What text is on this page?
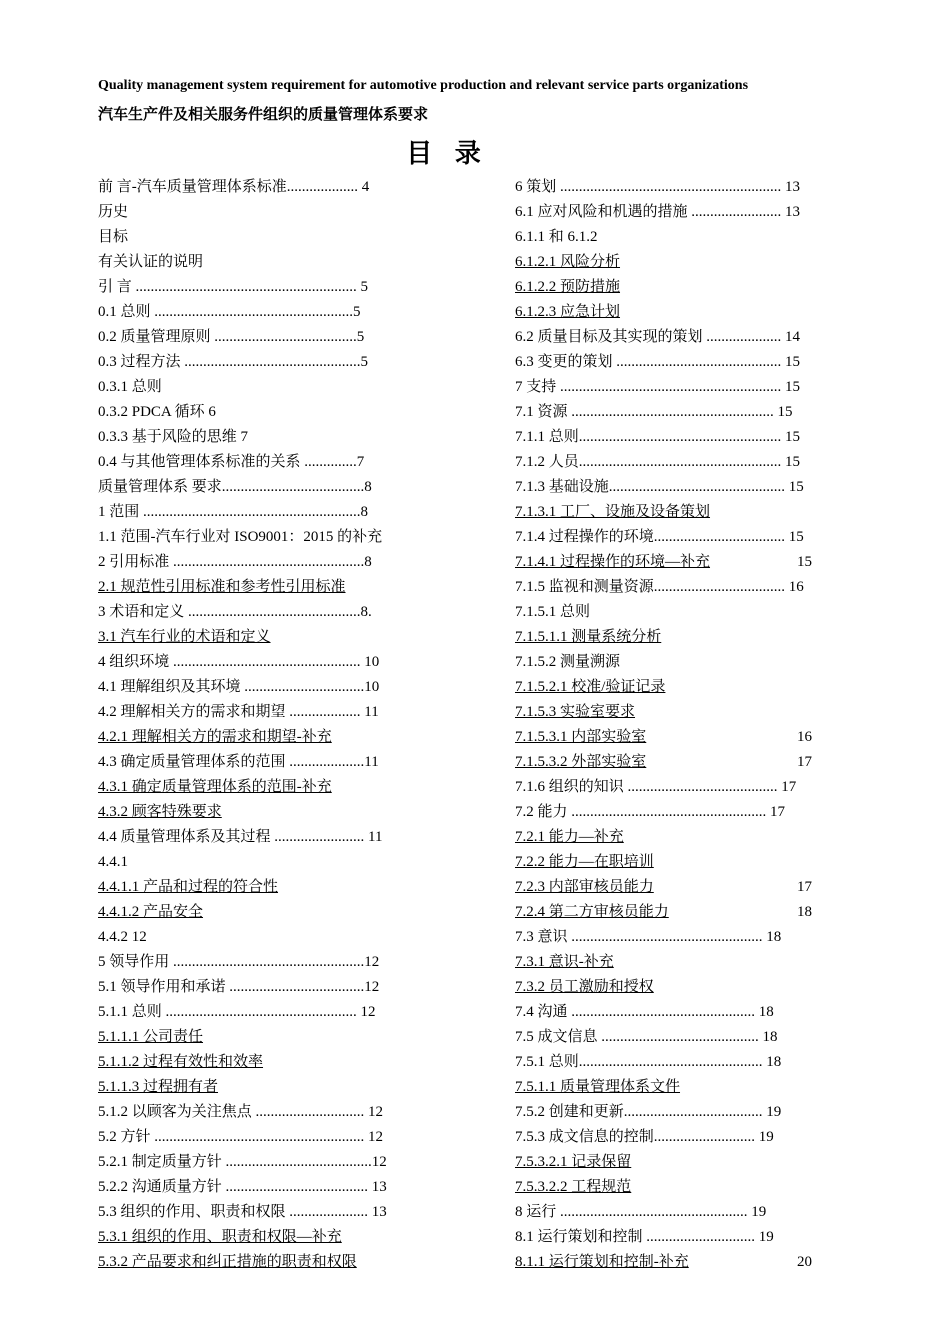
Quality management system requirement for automotive production and relevant service parts organizations
汽车生产件及相关服务件组织的质量管理体系要求
目 录
前 言-汽车质量管理体系标准................... 4
历史
目标
有关认证的说明
引 言 ........................................................... 5
0.1 总则 .....................................................5
0.2 质量管理原则 ......................................5
0.3 过程方法 ...............................................5
0.3.1 总则
0.3.2 PDCA 循环 6
0.3.3 基于风险的思维 7
0.4 与其他管理体系标准的关系 ..............7
质量管理体系 要求......................................8
1 范围 ..........................................................8
1.1 范围-汽车行业对 ISO9001：2015 的补充
2 引用标准 ...................................................8
2.1 规范性引用标准和参考性引用标准
3 术语和定义 ..............................................8.
3.1 汽车行业的术语和定义
4 组织环境 .................................................. 10
4.1 理解组织及其环境 ................................10
4.2 理解相关方的需求和期望 ................... 11
4.2.1 理解相关方的需求和期望-补充
4.3 确定质量管理体系的范围 ....................11
4.3.1 确定质量管理体系的范围-补充
4.3.2 顾客特殊要求
4.4 质量管理体系及其过程 ........................ 11
4.4.1
4.4.1.1 产品和过程的符合性
4.4.1.2 产品安全
4.4.2 12
5 领导作用 ...................................................12
5.1 领导作用和承诺 ....................................12
5.1.1 总则 ................................................... 12
5.1.1.1 公司责任
5.1.1.2 过程有效性和效率
5.1.1.3 过程拥有者
5.1.2 以顾客为关注焦点 ............................. 12
5.2 方针 ........................................................ 12
5.2.1 制定质量方针 .......................................12
5.2.2 沟通质量方针 ...................................... 13
5.3 组织的作用、职责和权限 ..................... 13
5.3.1 组织的作用、职责和权限—补充
5.3.2 产品要求和纠正措施的职责和权限
6 策划 ........................................................... 13
6.1 应对风险和机遇的措施 ........................ 13
6.1.1 和 6.1.2
6.1.2.1 风险分析
6.1.2.2 预防措施
6.1.2.3 应急计划
6.2 质量目标及其实现的策划 .................... 14
6.3 变更的策划 ............................................ 15
7 支持 ........................................................... 15
7.1 资源 ...................................................... 15
7.1.1 总则...................................................... 15
7.1.2 人员...................................................... 15
7.1.3 基础设施............................................... 15
7.1.3.1 工厂、设施及设备策划
7.1.4 过程操作的环境................................... 15
7.1.4.1 过程操作的环境—补充	15
7.1.5 监视和测量资源................................... 16
7.1.5.1 总则
7.1.5.1.1 测量系统分析
7.1.5.2 测量溯源
7.1.5.2.1 校准/验证记录
7.1.5.3 实验室要求
7.1.5.3.1 内部实验室	16
7.1.5.3.2 外部实验室	17
7.1.6 组织的知识 ........................................ 17
7.2 能力 .................................................... 17
7.2.1 能力—补充
7.2.2 能力—在职培训
7.2.3 内部审核员能力	17
7.2.4 第二方审核员能力	18
7.3 意识 ................................................... 18
7.3.1 意识-补充
7.3.2 员工激励和授权
7.4 沟通 ................................................. 18
7.5 成文信息 .......................................... 18
7.5.1 总则................................................. 18
7.5.1.1 质量管理体系文件
7.5.2 创建和更新..................................... 19
7.5.3 成文信息的控制........................... 19
7.5.3.2.1 记录保留
7.5.3.2.2 工程规范
8 运行 .................................................. 19
8.1 运行策划和控制 ............................. 19
8.1.1 运行策划和控制-补充	20
